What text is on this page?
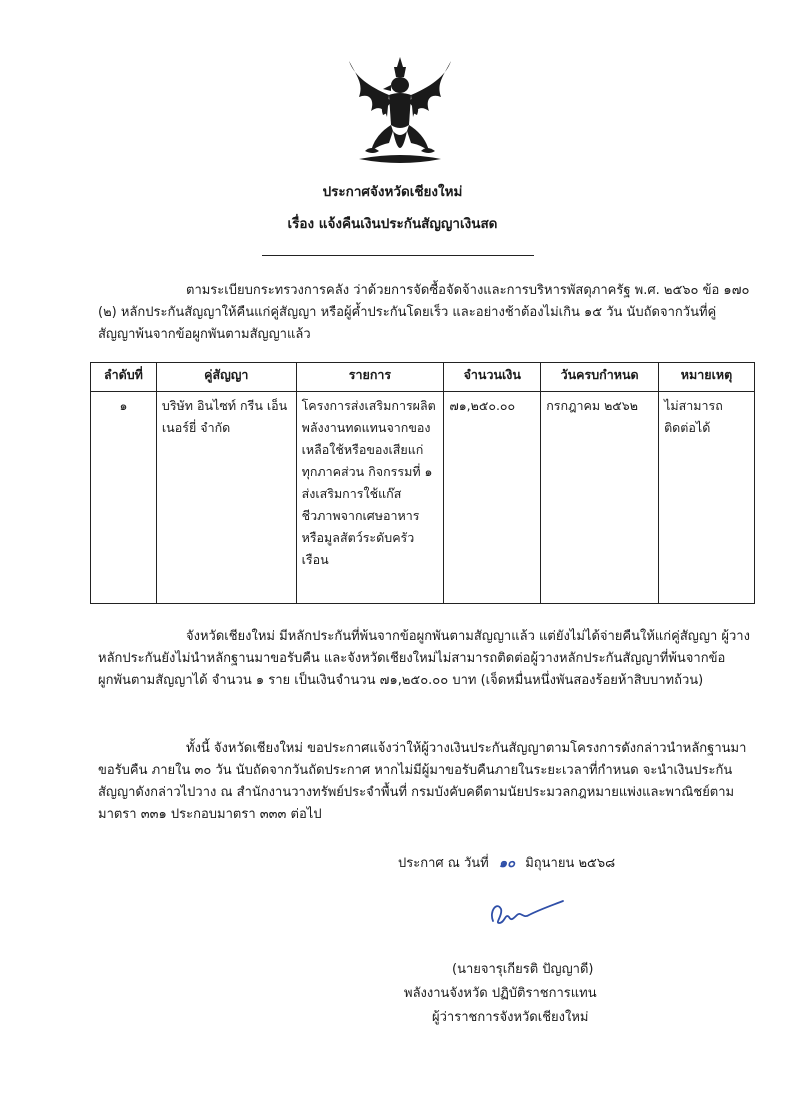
ประกาศจังหวัดเชียงใหม่
เรื่อง แจ้งคืนเงินประกันสัญญาเงินสด
ตามระเบียบกระทรวงการคลัง ว่าด้วยการจัดซื้อจัดจ้างและการบริหารพัสดุภาครัฐ พ.ศ. ๒๕๖๐ ข้อ ๑๗๐ (๒) หลักประกันสัญญาให้คืนแก่คู่สัญญา หรือผู้ค้ำประกันโดยเร็ว และอย่างช้าต้องไม่เกิน ๑๕ วัน นับถัดจากวันที่คู่สัญญาพ้นจากข้อผูกพันตามสัญญาแล้ว
ลำดับที่	คู่สัญญา	รายการ	จำนวนเงิน	วันครบกำหนด	หมายเหตุ
๑	บริษัท อินไซท์ กรีน เอ็นเนอร์ยี่ จำกัด	โครงการส่งเสริมการผลิตพลังงานทดแทนจากของเหลือใช้หรือของเสียแก่ทุกภาคส่วน กิจกรรมที่ ๑ ส่งเสริมการใช้แก๊สชีวภาพจากเศษอาหารหรือมูลสัตว์ระดับครัวเรือน	๗๑,๒๕๐.๐๐	กรกฎาคม ๒๕๖๒	ไม่สามารถติดต่อได้
จังหวัดเชียงใหม่ มีหลักประกันที่พ้นจากข้อผูกพันตามสัญญาแล้ว แต่ยังไม่ได้จ่ายคืนให้แก่คู่สัญญา ผู้วางหลักประกันยังไม่นำหลักฐานมาขอรับคืน และจังหวัดเชียงใหม่ไม่สามารถติดต่อผู้วางหลักประกันสัญญาที่พ้นจากข้อผูกพันตามสัญญาได้ จำนวน ๑ ราย เป็นเงินจำนวน ๗๑,๒๕๐.๐๐ บาท (เจ็ดหมื่นหนึ่งพันสองร้อยห้าสิบบาทถ้วน)
ทั้งนี้ จังหวัดเชียงใหม่ ขอประกาศแจ้งว่าให้ผู้วางเงินประกันสัญญาตามโครงการดังกล่าวนำหลักฐานมาขอรับคืน ภายใน ๓๐ วัน นับถัดจากวันถัดประกาศ หากไม่มีผู้มาขอรับคืนภายในระยะเวลาที่กำหนด จะนำเงินประกันสัญญาดังกล่าวไปวาง ณ สำนักงานวางทรัพย์ประจำพื้นที่ กรมบังคับคดีตามนัยประมวลกฎหมายแพ่งและพาณิชย์ตามมาตรา ๓๓๑ ประกอบมาตรา ๓๓๓ ต่อไป
ประกาศ ณ วันที่ ๑๐ มิถุนายน ๒๕๖๘
(นายจารุเกียรติ ปัญญาดี)
พลังงานจังหวัด ปฏิบัติราชการแทน
ผู้ว่าราชการจังหวัดเชียงใหม่
